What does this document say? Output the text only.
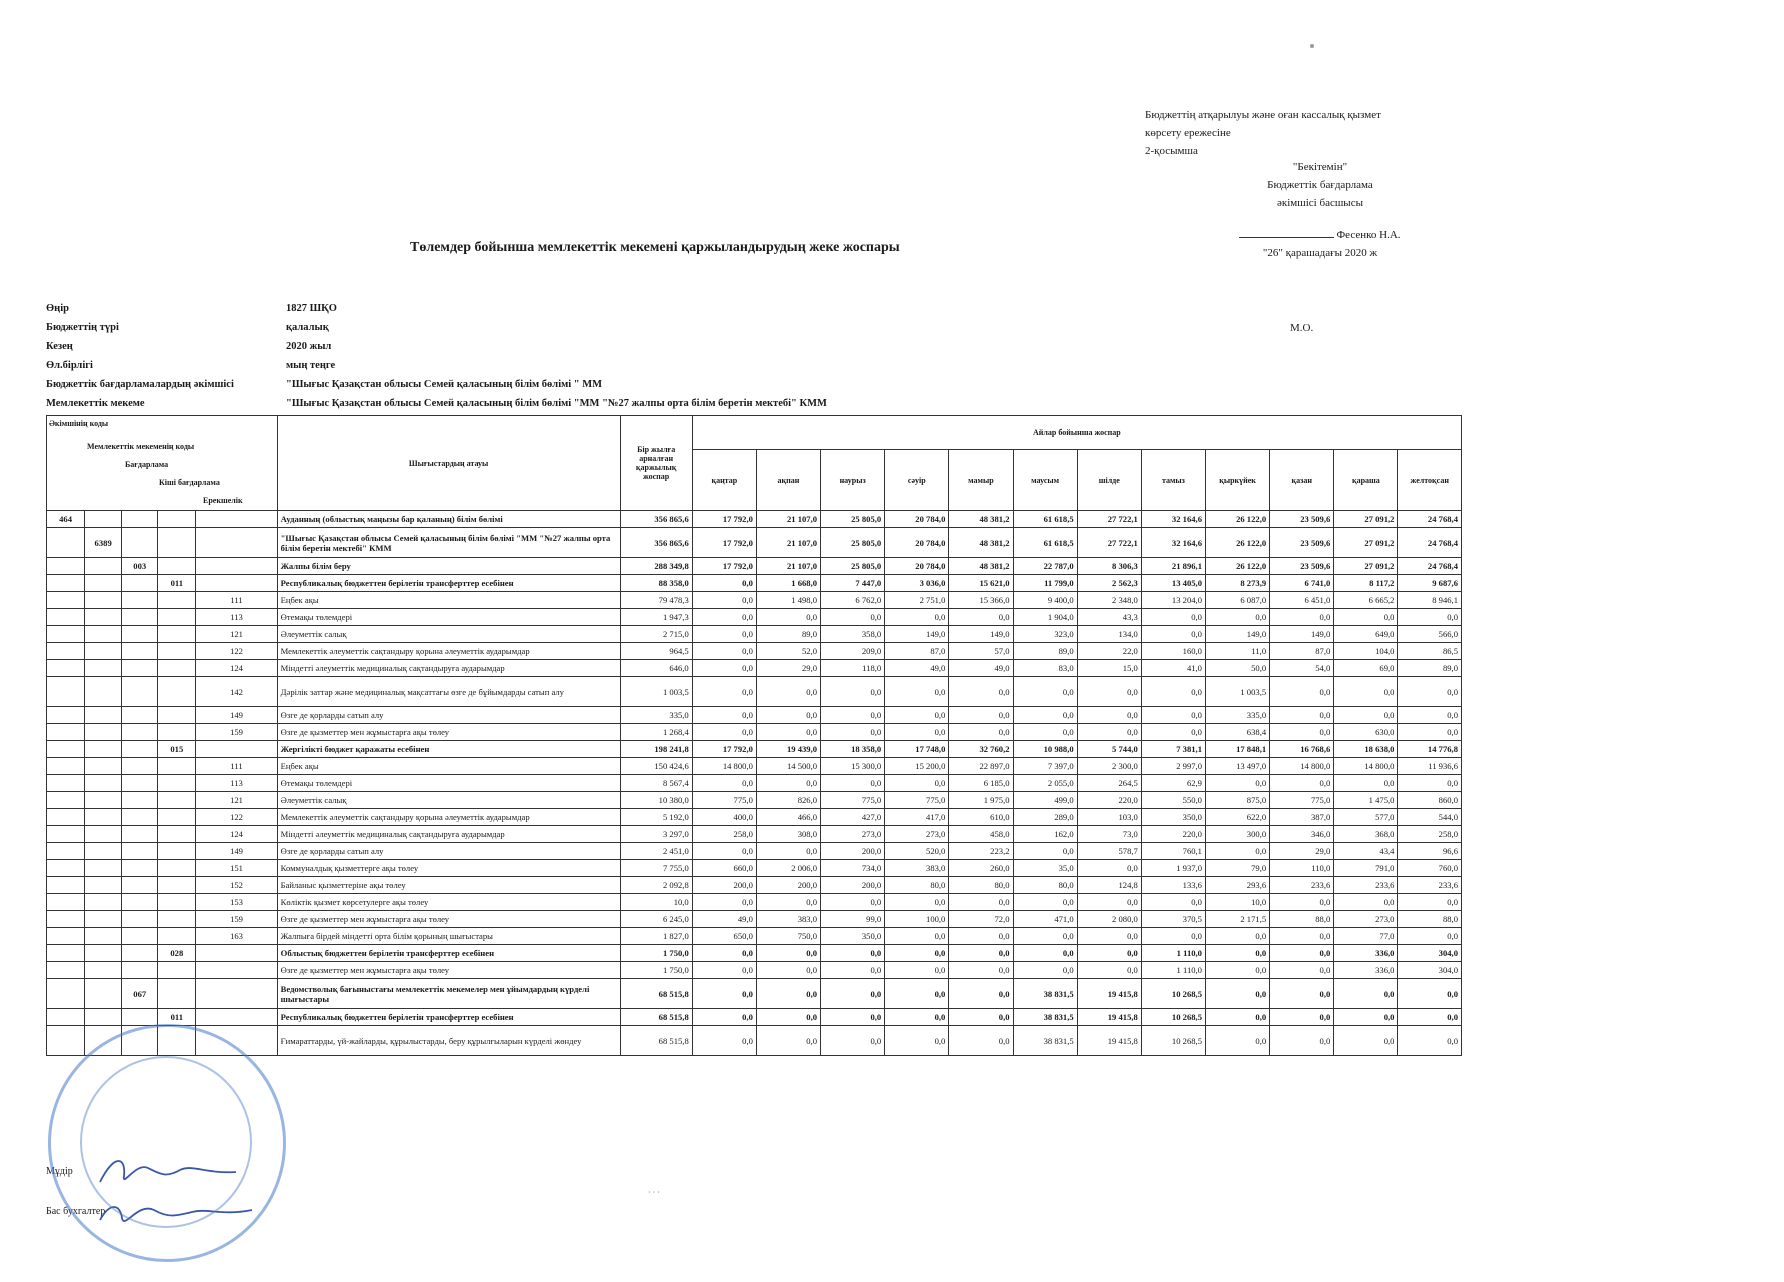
Бюджеттің атқарылуы және оған кассалық қызмет
көрсету ережесіне
2-қосымша
"Бекітемін"
Бюджеттік бағдарлама
әкімшісі басшысы
Фесенко Н.А.
"26" қарашадағы 2020 ж
Төлемдер бойынша мемлекеттік мекемені қаржыландырудың жеке жоспары
М.О.
Өңір	1827 ШҚО
Бюджеттің түрі	қалалық
Кезең	2020 жыл
Өл.бірлігі	мың теңге
Бюджеттік бағдарламалардың әкімшісі	"Шығыс Қазақстан облысы Семей қаласының білім бөлімі " ММ
Мемлекеттік мекеме	"Шығыс Қазақстан облысы Семей қаласының білім бөлімі "ММ "№27 жалпы орта білім беретін мектебі" КММ
Әкімшінің коды
Мемлекеттік мекеменің коды
Бағдарлама
Кіші бағдарлама
Ерекшелік					Шығыстардың атауы	Бір жылға арналған қаржылық жоспар	Айлар бойынша жоспар											
							қаңтар	ақпан	наурыз	сәуір	мамыр	маусым	шілде	тамыз	қыркүйек	қазан	қараша	желтоқсан
464					Ауданның (облыстық маңызы бар қаланың) білім бөлімі	356 865,6	17 792,0	21 107,0	25 805,0	20 784,0	48 381,2	61 618,5	27 722,1	32 164,6	26 122,0	23 509,6	27 091,2	24 768,4
	6389				"Шығыс Қазақстан облысы Семей қаласының білім бөлімі "ММ "№27 жалпы орта білім беретін мектебі" КММ	356 865,6	17 792,0	21 107,0	25 805,0	20 784,0	48 381,2	61 618,5	27 722,1	32 164,6	26 122,0	23 509,6	27 091,2	24 768,4
		003			Жалпы білім беру	288 349,8	17 792,0	21 107,0	25 805,0	20 784,0	48 381,2	22 787,0	8 306,3	21 896,1	26 122,0	23 509,6	27 091,2	24 768,4
			011		Республикалық бюджеттен берілетін трансферттер есебінен	88 358,0	0,0	1 668,0	7 447,0	3 036,0	15 621,0	11 799,0	2 562,3	13 405,0	8 273,9	6 741,0	8 117,2	9 687,6
				111	Еңбек ақы	79 478,3	0,0	1 498,0	6 762,0	2 751,0	15 366,0	9 400,0	2 348,0	13 204,0	6 087,0	6 451,0	6 665,2	8 946,1
				113	Өтемақы төлемдері	1 947,3	0,0	0,0	0,0	0,0	0,0	1 904,0	43,3	0,0	0,0	0,0	0,0	0,0
				121	Әлеуметтік салық	2 715,0	0,0	89,0	358,0	149,0	149,0	323,0	134,0	0,0	149,0	149,0	649,0	566,0
				122	Мемлекеттік әлеуметтік сақтандыру қорына әлеуметтік аударымдар	964,5	0,0	52,0	209,0	87,0	57,0	89,0	22,0	160,0	11,0	87,0	104,0	86,5
				124	Міндетті әлеуметтік медициналық сақтандыруға аударымдар	646,0	0,0	29,0	118,0	49,0	49,0	83,0	15,0	41,0	50,0	54,0	69,0	89,0
				142	Дәрілік заттар және медициналық мақсаттағы өзге де бұйымдарды сатып алу	1 003,5	0,0	0,0	0,0	0,0	0,0	0,0	0,0	0,0	1 003,5	0,0	0,0	0,0
				149	Өзге де қорларды сатып алу	335,0	0,0	0,0	0,0	0,0	0,0	0,0	0,0	0,0	335,0	0,0	0,0	0,0
				159	Өзге де қызметтер мен жұмыстарға ақы төлеу	1 268,4	0,0	0,0	0,0	0,0	0,0	0,0	0,0	0,0	638,4	0,0	630,0	0,0
			015		Жергілікті бюджет қаражаты есебінен	198 241,8	17 792,0	19 439,0	18 358,0	17 748,0	32 760,2	10 988,0	5 744,0	7 381,1	17 848,1	16 768,6	18 638,0	14 776,8
				111	Еңбек ақы	150 424,6	14 800,0	14 500,0	15 300,0	15 200,0	22 897,0	7 397,0	2 300,0	2 997,0	13 497,0	14 800,0	14 800,0	11 936,6
				113	Өтемақы төлемдері	8 567,4	0,0	0,0	0,0	0,0	6 185,0	2 055,0	264,5	62,9	0,0	0,0	0,0	0,0
				121	Әлеуметтік салық	10 380,0	775,0	826,0	775,0	775,0	1 975,0	499,0	220,0	550,0	875,0	775,0	1 475,0	860,0
				122	Мемлекеттік әлеуметтік сақтандыру қорына әлеуметтік аударымдар	5 192,0	400,0	466,0	427,0	417,0	610,0	289,0	103,0	350,0	622,0	387,0	577,0	544,0
				124	Міндетті әлеуметтік медициналық сақтандыруға аударымдар	3 297,0	258,0	308,0	273,0	273,0	458,0	162,0	73,0	220,0	300,0	346,0	368,0	258,0
				149	Өзге де қорларды сатып алу	2 451,0	0,0	0,0	200,0	520,0	223,2	0,0	578,7	760,1	0,0	29,0	43,4	96,6
				151	Коммуналдық қызметтерге ақы төлеу	7 755,0	660,0	2 006,0	734,0	383,0	260,0	35,0	0,0	1 937,0	79,0	110,0	791,0	760,0
				152	Байланыс қызметтеріне ақы төлеу	2 092,8	200,0	200,0	200,0	80,0	80,0	80,0	124,8	133,6	293,6	233,6	233,6	233,6
				153	Көліктік қызмет көрсетулерге ақы төлеу	10,0	0,0	0,0	0,0	0,0	0,0	0,0	0,0	0,0	10,0	0,0	0,0	0,0
				159	Өзге де қызметтер мен жұмыстарға ақы төлеу	6 245,0	49,0	383,0	99,0	100,0	72,0	471,0	2 080,0	370,5	2 171,5	88,0	273,0	88,0
				163	Жалпыға бірдей міндетті орта білім қорының шығыстары	1 827,0	650,0	750,0	350,0	0,0	0,0	0,0	0,0	0,0	0,0	0,0	77,0	0,0
			028		Облыстық бюджеттен берілетін трансферттер есебінен	1 750,0	0,0	0,0	0,0	0,0	0,0	0,0	0,0	1 110,0	0,0	0,0	336,0	304,0
					Өзге де қызметтер мен жұмыстарға ақы төлеу	1 750,0	0,0	0,0	0,0	0,0	0,0	0,0	0,0	1 110,0	0,0	0,0	336,0	304,0
		067			Ведомстволық бағыныстағы мемлекеттік мекемелер мен ұйымдардың күрделі шығыстары	68 515,8	0,0	0,0	0,0	0,0	0,0	38 831,5	19 415,8	10 268,5	0,0	0,0	0,0	0,0
			011		Республикалық бюджеттен берілетін трансферттер есебінен	68 515,8	0,0	0,0	0,0	0,0	0,0	38 831,5	19 415,8	10 268,5	0,0	0,0	0,0	0,0
					Ғимараттарды, үй-жайларды, құрылыстарды, беру құрылғыларын күрделі жөндеу	68 515,8	0,0	0,0	0,0	0,0	0,0	38 831,5	19 415,8	10 268,5	0,0	0,0	0,0	0,0
Мұдір
Бас бухгалтер
· · ·
